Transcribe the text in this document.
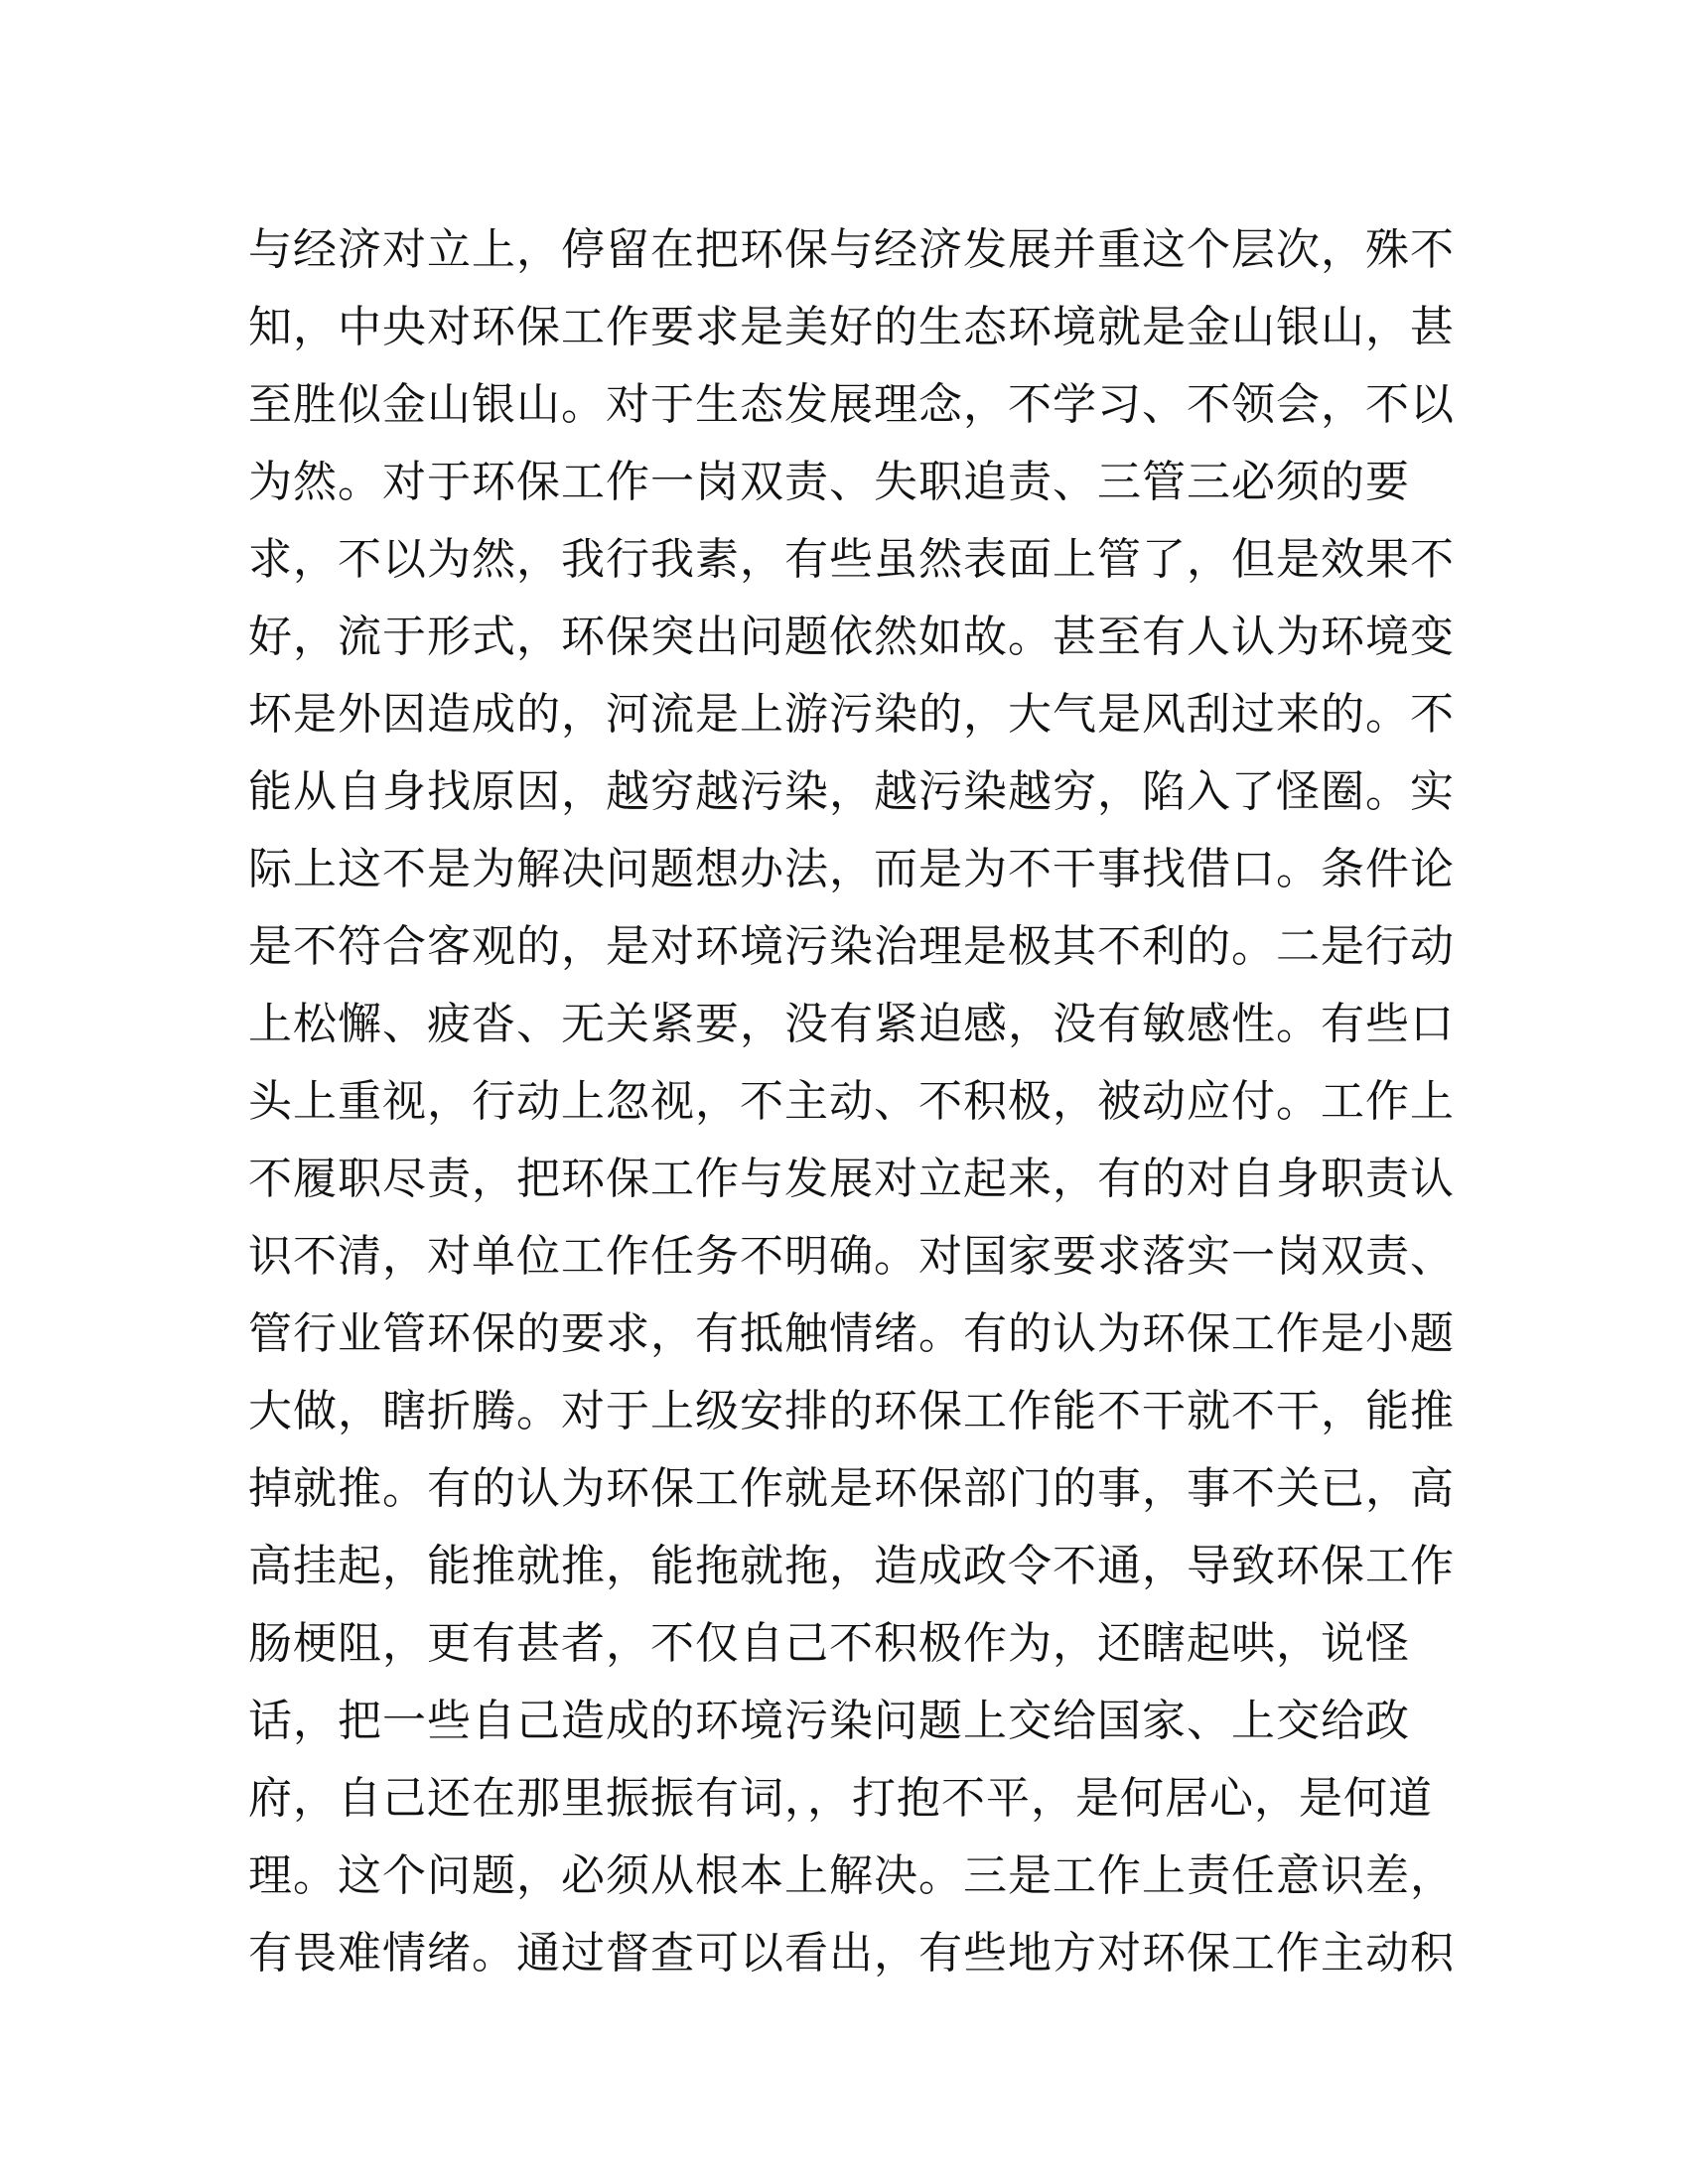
与经济对立上，停留在把环保与经济发展并重这个层次，殊不
知，中央对环保工作要求是美好的生态环境就是金山银山，甚
至胜似金山银山。对于生态发展理念，不学习、不领会，不以
为然。对于环保工作一岗双责、失职追责、三管三必须的要
求，不以为然，我行我素，有些虽然表面上管了，但是效果不
好，流于形式，环保突出问题依然如故。甚至有人认为环境变
坏是外因造成的，河流是上游污染的，大气是风刮过来的。不
能从自身找原因，越穷越污染，越污染越穷，陷入了怪圈。实
际上这不是为解决问题想办法，而是为不干事找借口。条件论
是不符合客观的，是对环境污染治理是极其不利的。二是行动
上松懈、疲沓、无关紧要，没有紧迫感，没有敏感性。有些口
头上重视，行动上忽视，不主动、不积极，被动应付。工作上
不履职尽责，把环保工作与发展对立起来，有的对自身职责认
识不清，对单位工作任务不明确。对国家要求落实一岗双责、
管行业管环保的要求，有抵触情绪。有的认为环保工作是小题
大做，瞎折腾。对于上级安排的环保工作能不干就不干，能推
掉就推。有的认为环保工作就是环保部门的事，事不关已，高
高挂起，能推就推，能拖就拖，造成政令不通，导致环保工作
肠梗阻，更有甚者，不仅自己不积极作为，还瞎起哄，说怪
话，把一些自己造成的环境污染问题上交给国家、上交给政
府，自己还在那里振振有词，，打抱不平，是何居心，是何道
理。这个问题，必须从根本上解决。三是工作上责任意识差，
有畏难情绪。通过督查可以看出，有些地方对环保工作主动积
